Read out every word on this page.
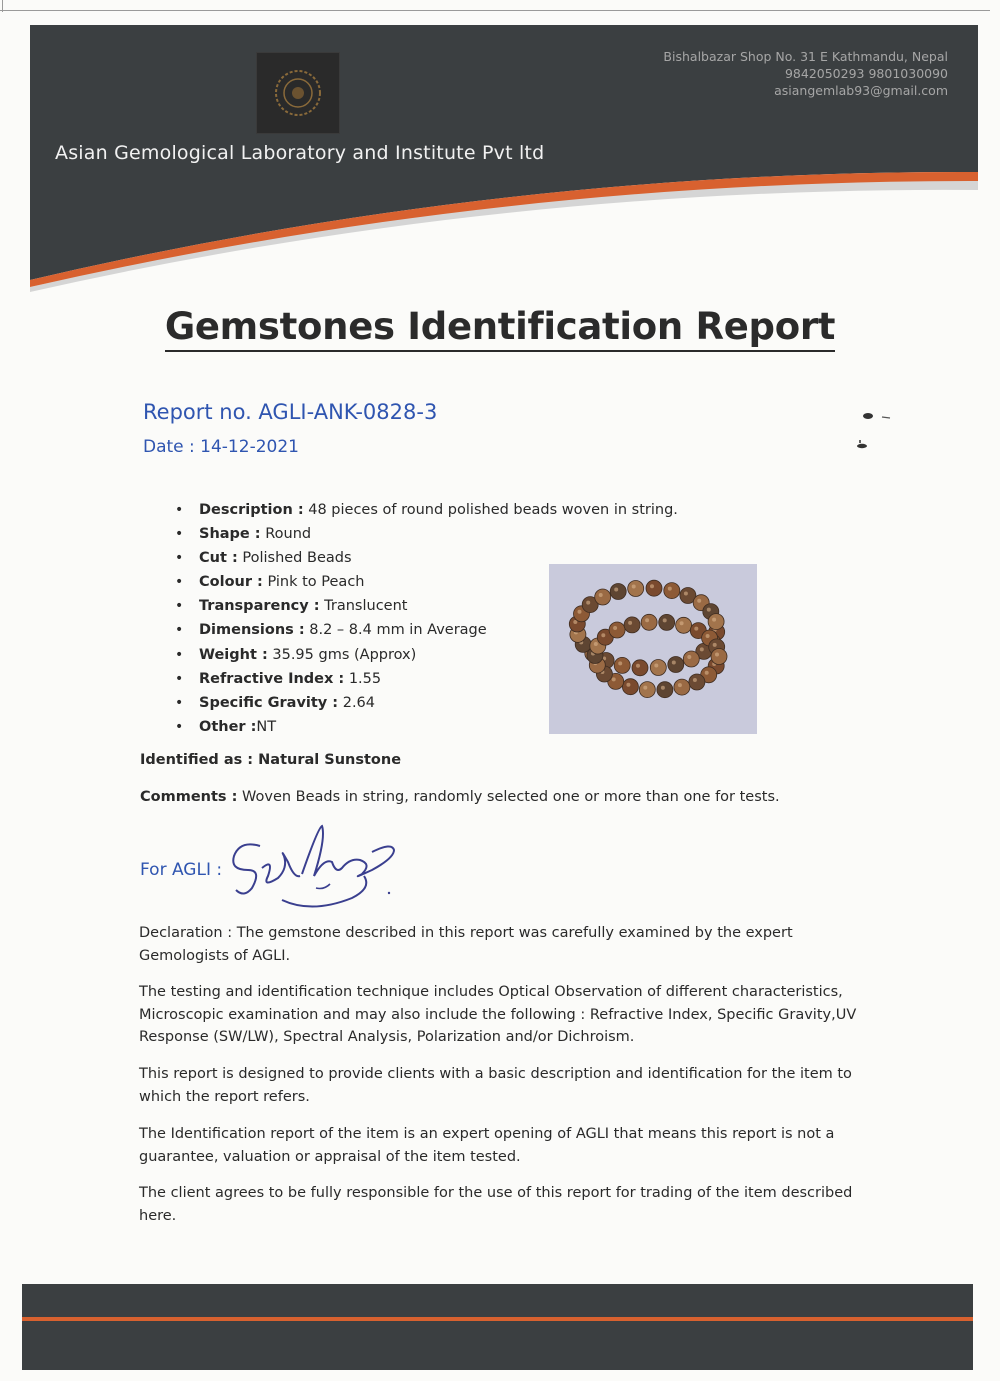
Asian Gemological Laboratory and Institute Pvt ltd
Bishalbazar Shop No. 31 E Kathmandu, Nepal
9842050293 9801030090
asiangemlab93@gmail.com
Gemstones Identification Report
Report no. AGLI-ANK-0828-3
Date : 14-12-2021
• Description : 48 pieces of round polished beads woven in string.
• Shape : Round
• Cut : Polished Beads
• Colour : Pink to Peach
• Transparency : Translucent
• Dimensions : 8.2 – 8.4 mm in Average
• Weight : 35.95 gms (Approx)
• Refractive Index : 1.55
• Specific Gravity : 2.64
• Other :NT
Identified as : Natural Sunstone
Comments : Woven Beads in string, randomly selected one or more than one for tests.
For AGLI :

Declaration : The gemstone described in this report was carefully examined by the expert Gemologists of AGLI.

The testing and identification technique includes Optical Observation of different characteristics, Microscopic examination and may also include the following : Refractive Index, Specific Gravity,UV Response (SW/LW), Spectral Analysis, Polarization and/or Dichroism.

This report is designed to provide clients with a basic description and identification for the item to which the report refers.

The Identification report of the item is an expert opening of AGLI that means this report is not a guarantee, valuation or appraisal of the item tested.

The client agrees to be fully responsible for the use of this report for trading of the item described here.
